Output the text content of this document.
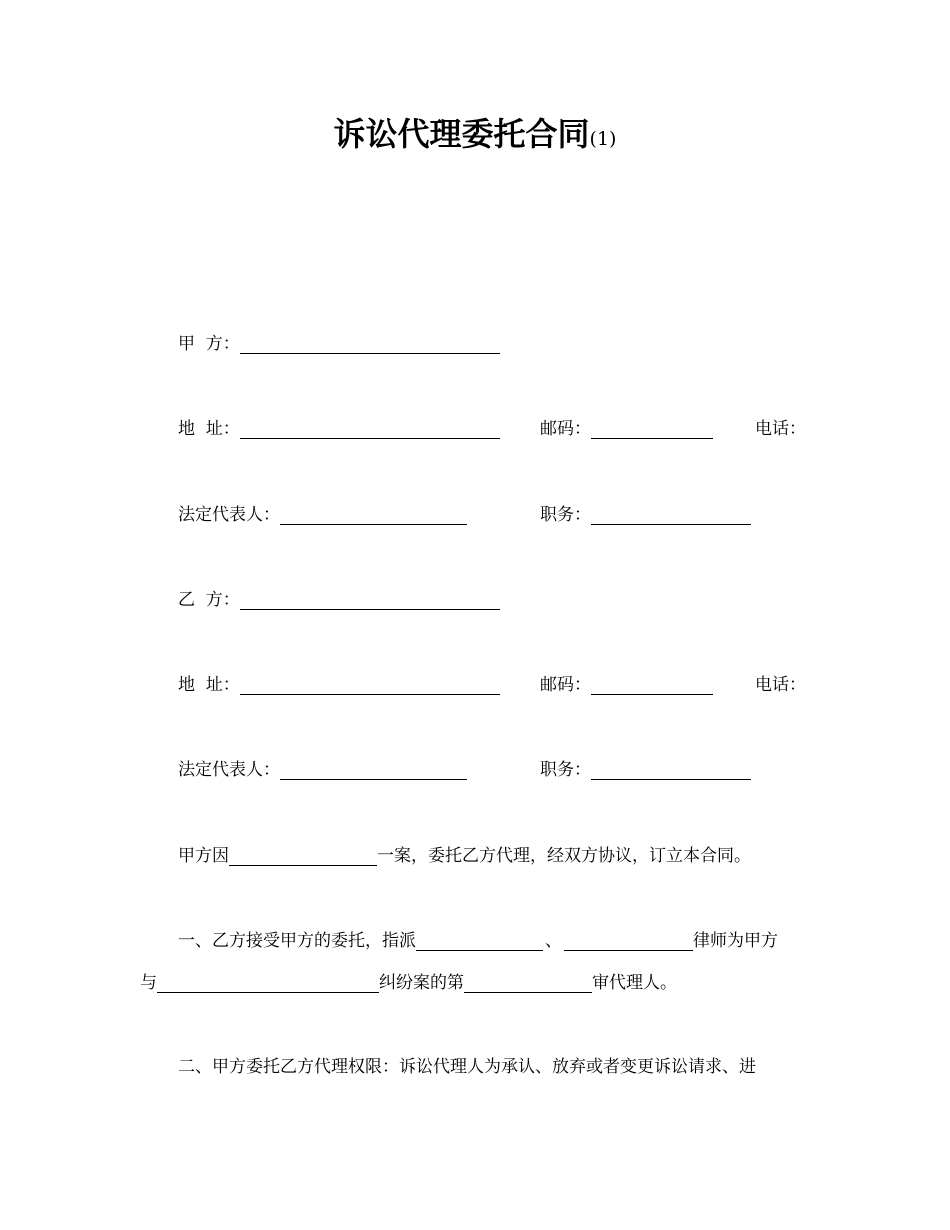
诉讼代理委托合同(1)
甲  方：
地  址：	邮码：	电话：
法定代表人：	职务：
乙  方：
地  址：	邮码：	电话：
法定代表人：	职务：
甲方因	一案，委托乙方代理，经双方协议，订立本合同。
一、乙方接受甲方的委托，指派	、	律师为甲方
与	纠纷案的第	审代理人。
二、甲方委托乙方代理权限：诉讼代理人为承认、放弃或者变更诉讼请求、进
